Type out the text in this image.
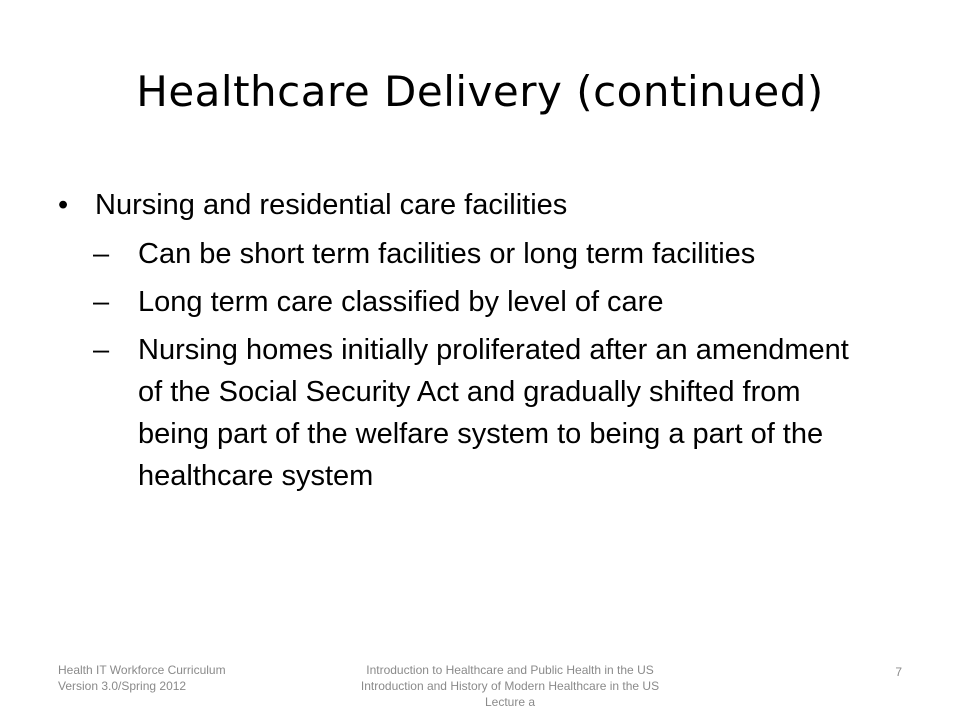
Healthcare Delivery (continued)
• Nursing and residential care facilities
– Can be short term facilities or long term facilities
– Long term care classified by level of care
– Nursing homes initially proliferated after an amendment of the Social Security Act and gradually shifted from being part of the welfare system to being a part of the healthcare system
Health IT Workforce Curriculum
Version 3.0/Spring 2012
Introduction to Healthcare and Public Health in the US
Introduction and History of Modern Healthcare in the US
Lecture a
7
